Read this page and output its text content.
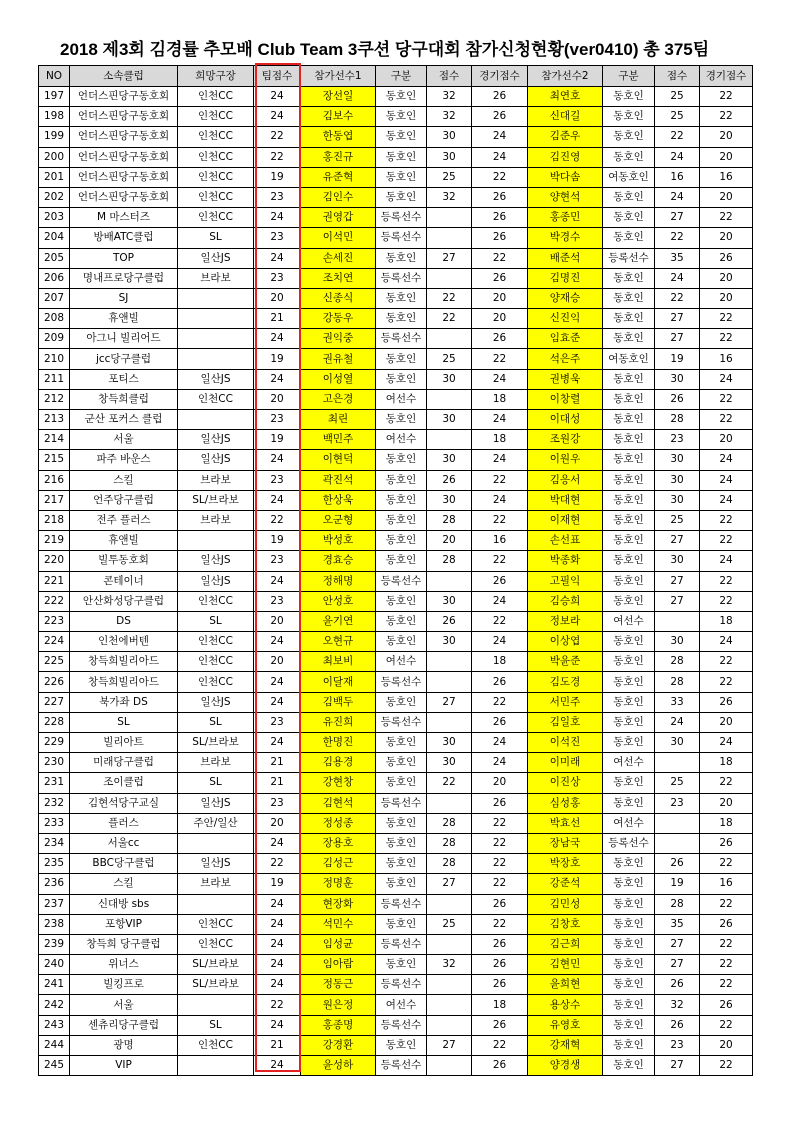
2018 제3회 김경률 추모배 Club Team 3쿠션 당구대회 참가신청현황(ver0410) 총 375팀
NO	소속클럽	희망구장	팀점수	참가선수1	구분	점수	경기점수	참가선수2	구분	점수	경기점수
197	언더스핀당구동호회	인천CC	24	장선일	동호인	32	26	최연호	동호인	25	22
198	언더스핀당구동호회	인천CC	24	김보수	동호인	32	26	신대길	동호인	25	22
199	언더스핀당구동호회	인천CC	22	한동엽	동호인	30	24	김준우	동호인	22	20
200	언더스핀당구동호회	인천CC	22	홍진규	동호인	30	24	김진영	동호인	24	20
201	언더스핀당구동호회	인천CC	19	유준혁	동호인	25	22	박다솜	여동호인	16	16
202	언더스핀당구동호회	인천CC	23	김인수	동호인	32	26	양현석	동호인	24	20
203	M 마스터즈	인천CC	24	권영갑	등록선수		26	홍종민	동호인	27	22
204	방배ATC클럽	SL	23	이석민	등록선수		26	박경수	동호인	22	20
205	TOP	일산JS	24	손세진	동호인	27	22	배준석	등록선수	35	26
206	명내프로당구클럽	브라보	23	조치연	등록선수		26	김명진	동호인	24	20
207	SJ		20	신종식	동호인	22	20	양재승	동호인	22	20
208	휴앤빌		21	강동우	동호인	22	20	신진익	동호인	27	22
209	아그니 빌리어드		24	권익중	등록선수		26	임효준	동호인	27	22
210	jcc당구클럽		19	권유철	동호인	25	22	석은주	여동호인	19	16
211	포티스	일산JS	24	이성열	동호인	30	24	권병욱	동호인	30	24
212	창득희클럽	인천CC	20	고은경	여선수		18	이창렬	동호인	26	22
213	군산 포커스 클럽		23	최린	동호인	30	24	이대성	동호인	28	22
214	서울	일산JS	19	백민주	여선수		18	조원강	동호인	23	20
215	파주 바운스	일산JS	24	이현덕	동호인	30	24	이원우	동호인	30	24
216	스킬	브라보	23	곽진석	동호인	26	22	김응서	동호인	30	24
217	언주당구클럽	SL/브라보	24	한상욱	동호인	30	24	박대현	동호인	30	24
218	전주 플러스	브라보	22	오군형	동호인	28	22	이재현	동호인	25	22
219	휴앤빌		19	박성호	동호인	20	16	손선표	동호인	27	22
220	빌투동호회	일산JS	23	경효승	동호인	28	22	박종화	동호인	30	24
221	콘테이너	일산JS	24	정해명	등록선수		26	고필익	동호인	27	22
222	안산화성당구클럽	인천CC	23	안성호	동호인	30	24	김승희	동호인	27	22
223	DS	SL	20	윤기연	동호인	26	22	정보라	여선수		18
224	인천에버텐	인천CC	24	오현규	동호인	30	24	이상엽	동호인	30	24
225	창득희빌리아드	인천CC	20	최보비	여선수		18	박윤준	동호인	28	22
226	창득희빌리아드	인천CC	24	이달재	등록선수		26	김도경	동호인	28	22
227	북가좌 DS	일산JS	24	김백두	동호인	27	22	서민주	동호인	33	26
228	SL	SL	23	유진희	등록선수		26	김일호	동호인	24	20
229	빌리아트	SL/브라보	24	한명진	동호인	30	24	이석진	동호인	30	24
230	미래당구클럽	브라보	21	김용경	동호인	30	24	이미래	여선수		18
231	조이클럽	SL	21	강현창	동호인	22	20	이진상	동호인	25	22
232	김현석당구교실	일산JS	23	김현석	등록선수		26	심성홍	동호인	23	20
233	플러스	주안/일산	20	정성종	동호인	28	22	박효선	여선수		18
234	서울cc		24	장용호	동호인	28	22	장남국	등록선수		26
235	BBC당구클럽	일산JS	22	김성근	동호인	28	22	박장호	동호인	26	22
236	스킬	브라보	19	정명훈	동호인	27	22	강준석	동호인	19	16
237	신대방 sbs		24	현장화	등록선수		26	김민성	동호인	28	22
238	포항VIP	인천CC	24	석민수	동호인	25	22	김창호	동호인	35	26
239	창득희 당구클럽	인천CC	24	임성균	등록선수		26	김근희	동호인	27	22
240	위너스	SL/브라보	24	임아람	동호인	32	26	김현민	동호인	27	22
241	빌킹프로	SL/브라보	24	정동근	등록선수		26	윤희현	동호인	26	22
242	서울		22	원은정	여선수		18	용상수	동호인	32	26
243	센츄리당구클럽	SL	24	홍종명	등록선수		26	유영호	동호인	26	22
244	광명	인천CC	21	강경환	동호인	27	22	강재혁	동호인	23	20
245	VIP		24	윤성하	등록선수		26	양경생	동호인	27	22
